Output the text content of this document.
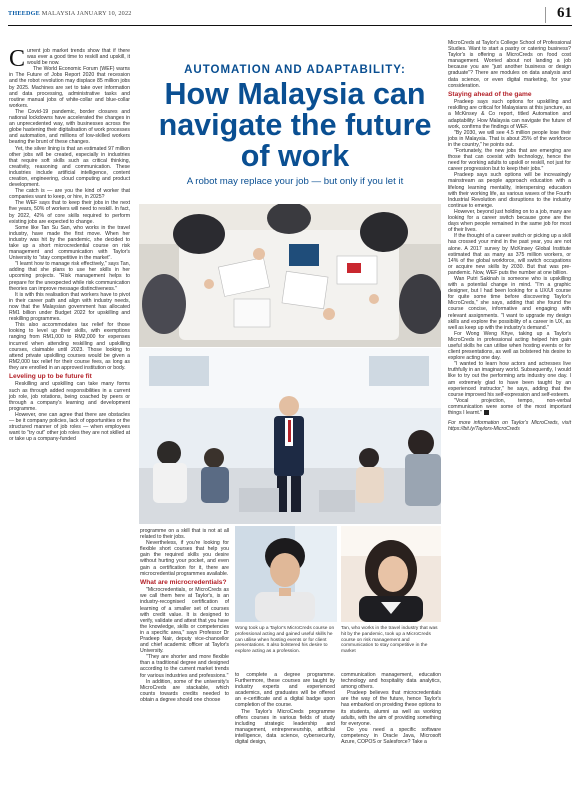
THEEDGE MALAYSIA JANUARY 10, 2022	61
AUTOMATION AND ADAPTABILITY:
How Malaysia can navigate the future of work
A robot may replace your job — but only if you let it
Wong took up a Taylor's MicroCreds course on professional acting and gained useful skills he can utilise when hosting events or for client presentations. It also bolstered his desire to explore acting as a profession.
Tan, who works in the travel industry that was hit by the pandemic, took up a MicroCreds course on risk management and communication to stay competitive in the market

Current job market trends show that if there was ever a good time to reskill and upskill, it would be now.

The World Economic Forum (WEF) warns in The Future of Jobs Report 2020 that recession and the robot revolution may displace 85 million jobs by 2025. Machines are set to take over information and data processing, administrative tasks and routine manual jobs of white-collar and blue-collar workers.

The Covid-19 pandemic, border closures and national lockdowns have accelerated the changes in an unprecedented way, with businesses across the globe hastening their digitalisation of work processes and automation, and millions of low-skilled workers bearing the brunt of these changes.

Yet, the silver lining is that an estimated 97 million other jobs will be created, especially in industries that require soft skills such as critical thinking, creativity, reasoning and communication. These industries include artificial intelligence, content creation, engineering, cloud computing and product development.

The catch is — are you the kind of worker that companies want to keep, or hire, in 2025?

The WEF says that to keep their jobs in the next five years, 50% of workers will need to reskill. In fact, by 2022, 42% of core skills required to perform existing jobs are expected to change.

Some like Tan Su San, who works in the travel industry, have made the first move. When her industry was hit by the pandemic, she decided to take up a short microcredential course on risk management and communication with Taylor's University to "stay competitive in the market".

"I learnt how to manage risk effectively," says Tan, adding that she plans to use her skills in her upcoming projects. "Risk management helps to prepare for the unexpected while risk communication theories can improve message distinctiveness."

It is with this realisation that workers have to pivot in their career path and align with industry needs, now that the Malaysian government has allocated RM1 billion under Budget 2022 for upskilling and reskilling programmes.

This also accommodates tax relief for those looking to level up their skills, with exemptions ranging from RM1,000 to RM2,000 for expenses incurred when attending reskilling and upskilling courses, claimable until 2023. Those looking to attend private upskilling courses would be given a RM2,000 tax relief for their course fees, as long as they are enrolled in an approved institution or body.

Leveling up to be future fit

Reskilling and upskilling can take many forms such as through added responsibilities in a current job role, job rotations, being coached by peers or through a company's learning and development programme.

However, one can agree that there are obstacles — be it company policies, lack of opportunities or the structured manner of job roles — when employees want to "try out" other job roles they are not skilled at or take up a company-funded

programme on a skill that is not at all related to their jobs.

Nevertheless, if you're looking for flexible short courses that help you gain the required skills you desire without hurting your pocket, and even gain a certification for it, there are microcredential programmes available.

What are microcredentials?

"Microcredentials, or MicroCreds as we call them here at Taylor's, is an industry-recognised certification of learning of a smaller set of courses with credit value. It is designed to verify, validate and attest that you have the knowledge, skills or competencies in a specific area," says Professor Dr Pradeep Nair, deputy vice-chancellor and chief academic officer at Taylor's University.

"They are shorter and more flexible than a traditional degree and designed according to the current market trends for various industries and professions."

In addition, some of the university's MicroCreds are stackable, which counts towards credits needed to obtain a degree should one choose

to complete a degree programme. Furthermore, these courses are taught by industry experts and experienced academics, and graduates will be offered an e-certificate and a digital badge upon completion of the course.

The Taylor's MicroCreds programme offers courses in various fields of study including strategic leadership and management, entrepreneurship, artificial intelligence, data science, cybersecurity, digital design,

communication management, education technology and hospitality data analytics, among others.

Pradeep believes that microcredentials are the way of the future, hence Taylor's has embarked on providing these options to its students, alumni as well as working adults, with the aim of providing something for everyone.

Do you need a specific software competency in Oracle Java, Microsoft Azure, COPOS or Salesforce? Take a

MicroCreds at Taylor's College School of Professional Studies. Want to start a pastry or catering business? Taylor's is offering a MicroCreds on food cost management. Worried about not landing a job because you are "just another business or design graduate"? There are modules on data analysis and data science, or even digital marketing, for your consideration.

Staying ahead of the game

Pradeep says such options for upskilling and reskilling are critical for Malaysians at this juncture, as a McKinsey & Co report, titled Automation and adaptability: How Malaysia can navigate the future of work, confirms the findings of WEF.

"By 2030, we will see 4.5 million people lose their jobs in Malaysia. That is about 25% of the workforce in the country," he points out.

"Fortunately, the new jobs that are emerging are those that can coexist with technology, hence the need for working adults to upskill or reskill, not just for career progression but to keep their jobs."

Pradeep says such options will be increasingly mainstream as people approach education with a lifelong learning mentality, interspersing education with their working life, as various waves of the Fourth Industrial Revolution and disruptions to the industry continue to emerge.

However, beyond just holding on to a job, many are looking for a career switch because gone are the days when people remained in the same job for most of their lives.

If the thought of a career switch or picking up a skill has crossed your mind in the past year, you are not alone. A 2017 survey by McKinsey Global Institute estimated that as many as 375 million workers, or 14% of the global workforce, will switch occupations or acquire new skills by 2030. But that was pre-pandemic. Now, WEF puts the number at one billion.

Wan Putri Sakinah is someone who is upskilling with a potential change in mind. "I'm a graphic designer, but I had been looking for a UX/UI course for quite some time before discovering Taylor's MicroCreds," she says, adding that she found the course concise, informative and engaging with relevant assignments. "I want to upgrade my design skills and explore the possibility of a career in UX, as well as keep up with the industry's demand."

For Wong Weng Khye, taking up a Taylor's MicroCreds in professional acting helped him gain useful skills he can utilise when hosting events or for client presentations, as well as bolstered his desire to explore acting one day.

"I wanted to learn how actors and actresses live truthfully in an imaginary world. Subsequently, I would like to try out the performing arts industry one day. I am extremely glad to have been taught by an experienced instructor," he says, adding that the course improved his self-expression and self-esteem.

"Vocal projection, tempo, non-verbal communication were some of the most important things I learnt."

For more information on Taylor's MicroCreds, visit https://bit.ly/Taylors-MicroCreds
